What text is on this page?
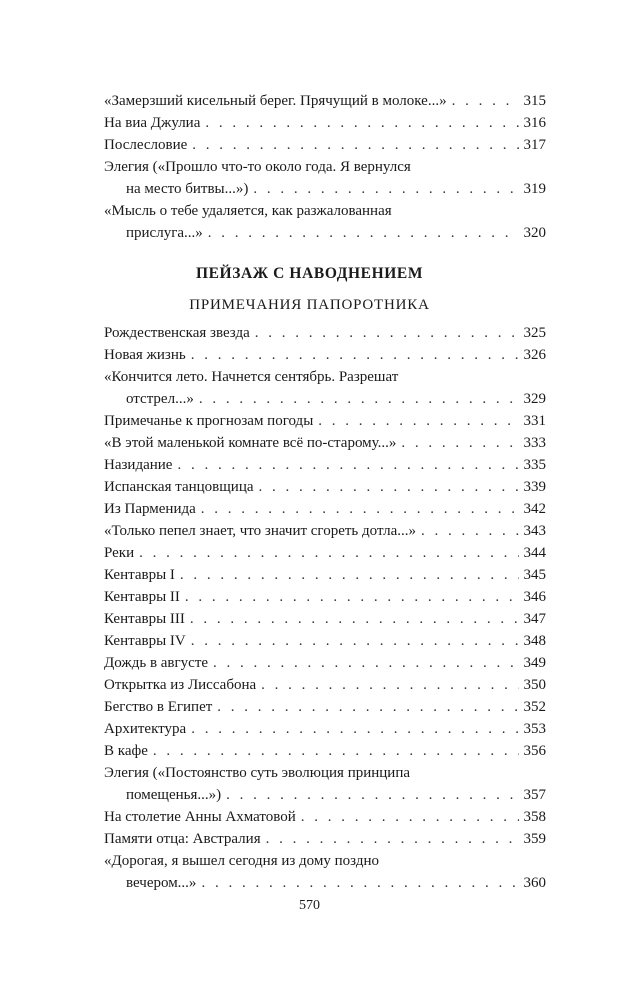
«Замерзший кисельный берег. Прячущий в молоке...» . . .	315
На виа Джулиа . . .	316
Послесловие . . .	317
Элегия («Прошло что-то около года. Я вернулся
на место битвы...») . . .	319
«Мысль о тебе удаляется, как разжалованная
прислуга...» . . .	320
ПЕЙЗАЖ С НАВОДНЕНИЕМ
ПРИМЕЧАНИЯ ПАПОРОТНИКА
Рождественская звезда . . .	325
Новая жизнь . . .	326
«Кончится лето. Начнется сентябрь. Разрешат
отстрел...» . . .	329
Примечанье к прогнозам погоды . . .	331
«В этой маленькой комнате всё по-старому...» . . .	333
Назидание . . .	335
Испанская танцовщица . . .	339
Из Парменида . . .	342
«Только пепел знает, что значит сгореть дотла...» . . .	343
Реки . . .	344
Кентавры I . . .	345
Кентавры II . . .	346
Кентавры III . . .	347
Кентавры IV . . .	348
Дождь в августе . . .	349
Открытка из Лиссабона . . .	350
Бегство в Египет . . .	352
Архитектура . . .	353
В кафе . . .	356
Элегия («Постоянство суть эволюция принципа
помещенья...») . . .	357
На столетие Анны Ахматовой . . .	358
Памяти отца: Австралия . . .	359
«Дорогая, я вышел сегодня из дому поздно
вечером...» . . .	360
570
